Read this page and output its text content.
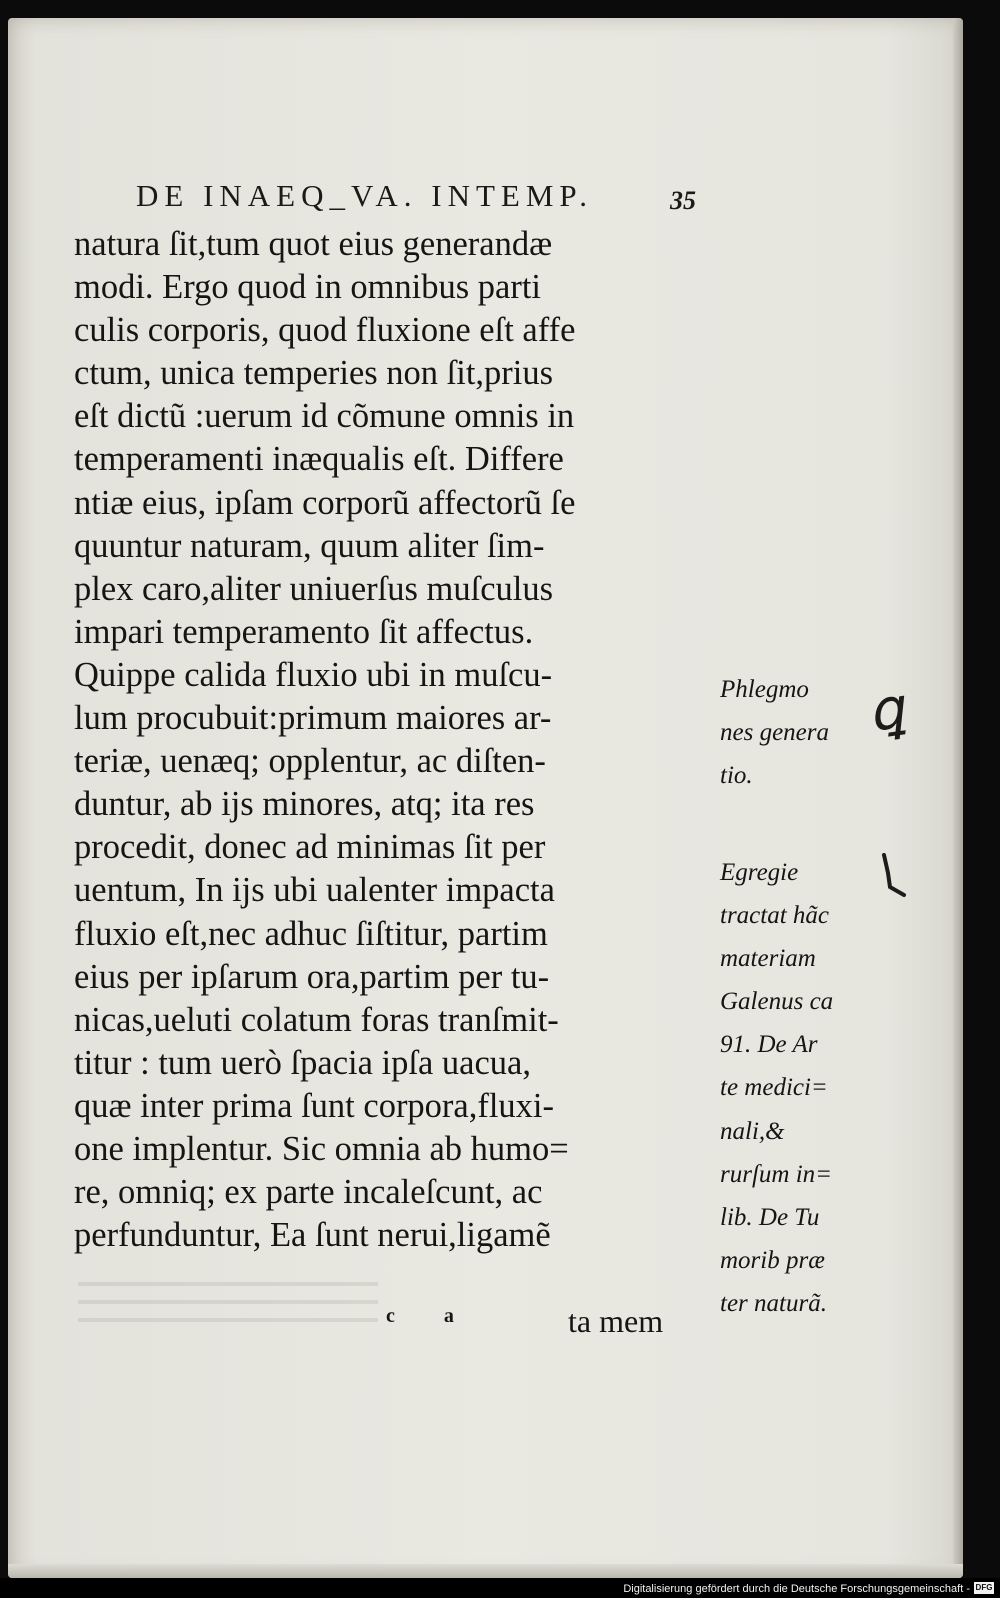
DE INAEQ_VA. INTEMP.	35
natura ſit,tum quot eius generandæ
modi. Ergo quod in omnibus parti
culis corporis, quod fluxione eſt affe
ctum, unica temperies non ſit,prius
eſt dictũ :uerum id cõmune omnis in
temperamenti inæqualis eſt. Differe
ntiæ eius, ipſam corporũ affectorũ ſe
quuntur naturam, quum aliter ſim-
plex caro,aliter uniuerſus muſculus
impari temperamento ſit affectus.
Quippe calida fluxio ubi in muſcu-
lum procubuit:primum maiores ar-
teriæ, uenæq; opplentur, ac diſten-
duntur, ab ijs minores, atq; ita res
procedit, donec ad minimas ſit per
uentum, In ijs ubi ualenter impacta
fluxio eſt,nec adhuc ſiſtitur, partim
eius per ipſarum ora,partim per tu-
nicas,ueluti colatum foras tranſmit-
titur : tum uerò ſpacia ipſa uacua,
quæ inter prima ſunt corpora,fluxi-
one implentur. Sic omnia ab humo=
re, omniq; ex parte incaleſcunt, ac
perfunduntur, Ea ſunt nerui,ligamẽ
c a	ta mem
Phlegmo
nes genera
tio.
Egregie
tractat hãc
materiam
Galenus ca
91. De Ar
te medici=
nali,&
rurſum in=
lib. De Tu
morib præ
ter naturã.
ꝗ
Digitalisierung gefördert durch die Deutsche Forschungsgemeinschaft - DFG
